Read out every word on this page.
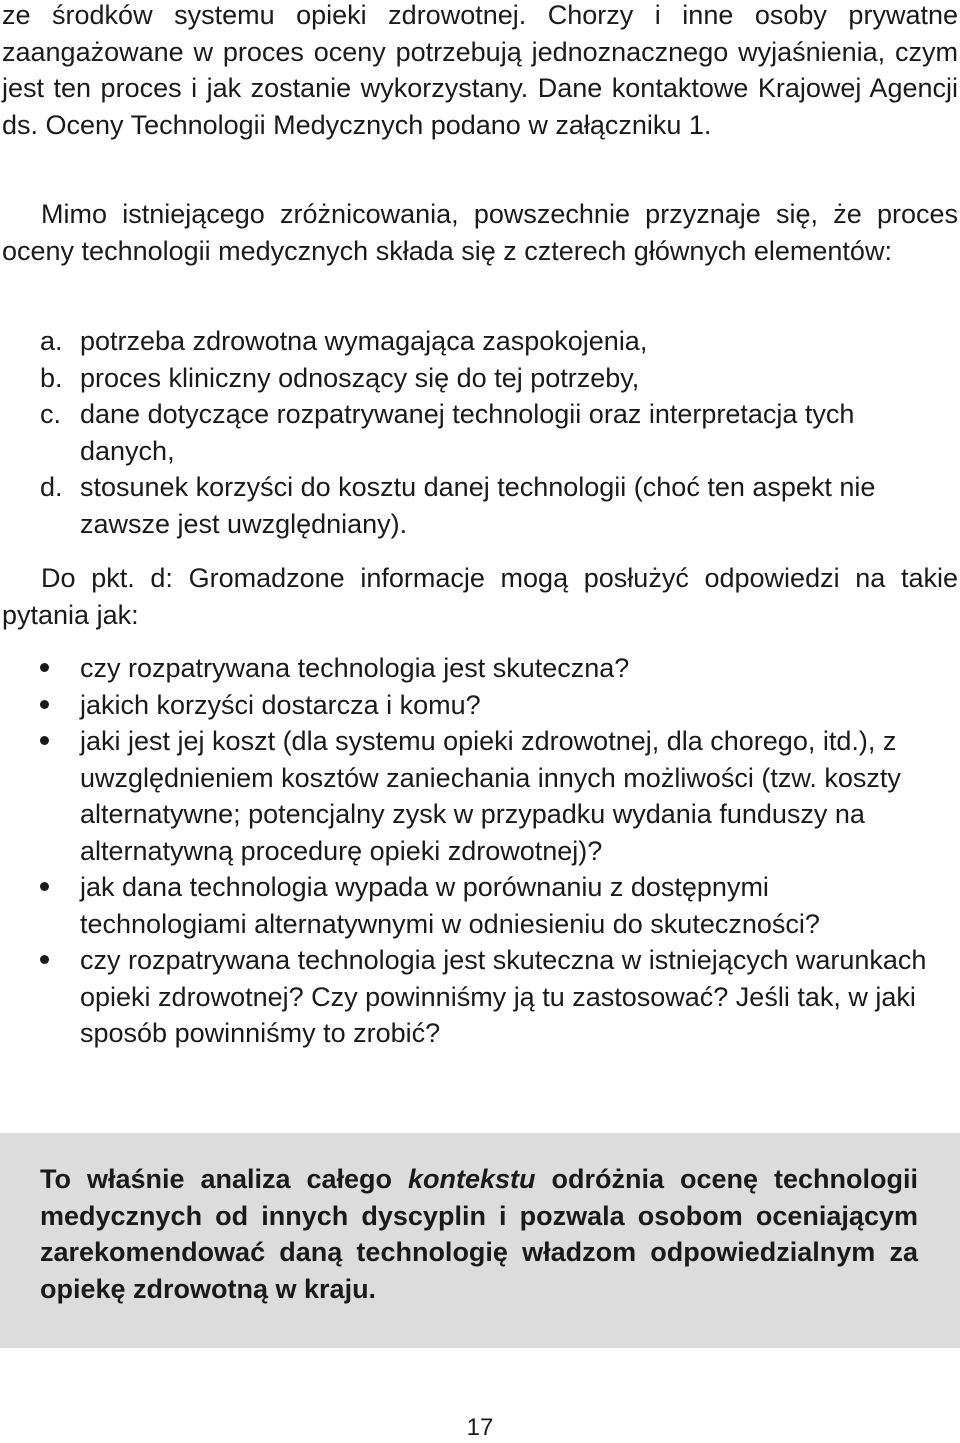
ze środków systemu opieki zdrowotnej. Chorzy i inne osoby prywatne zaangażowane w proces oceny potrzebują jednoznacznego wyjaśnienia, czym jest ten proces i jak zostanie wykorzystany. Dane kontaktowe Krajowej Agencji ds. Oceny Technologii Medycznych podano w załączniku 1.

Mimo istniejącego zróżnicowania, powszechnie przyznaje się, że proces oceny technologii medycznych składa się z czterech głównych elementów:

a. potrzeba zdrowotna wymagająca zaspokojenia,
b. proces kliniczny odnoszący się do tej potrzeby,
c. dane dotyczące rozpatrywanej technologii oraz interpretacja tych danych,
d. stosunek korzyści do kosztu danej technologii (choć ten aspekt nie zawsze jest uwzględniany).

Do pkt. d: Gromadzone informacje mogą posłużyć odpowiedzi na takie pytania jak:

czy rozpatrywana technologia jest skuteczna?
jakich korzyści dostarcza i komu?
jaki jest jej koszt (dla systemu opieki zdrowotnej, dla chorego, itd.), z uwzględnieniem kosztów zaniechania innych możliwości (tzw. koszty alternatywne; potencjalny zysk w przypadku wydania funduszy na alternatywną procedurę opieki zdrowotnej)?
jak dana technologia wypada w porównaniu z dostępnymi technologiami alternatywnymi w odniesieniu do skuteczności?
czy rozpatrywana technologia jest skuteczna w istniejących warunkach opieki zdrowotnej? Czy powinniśmy ją tu zastosować? Jeśli tak, w jaki sposób powinniśmy to zrobić?

To właśnie analiza całego kontekstu odróżnia ocenę technologii medycznych od innych dyscyplin i pozwala osobom oceniającym zarekomendować daną technologię władzom odpowiedzialnym za opiekę zdrowotną w kraju.

17
